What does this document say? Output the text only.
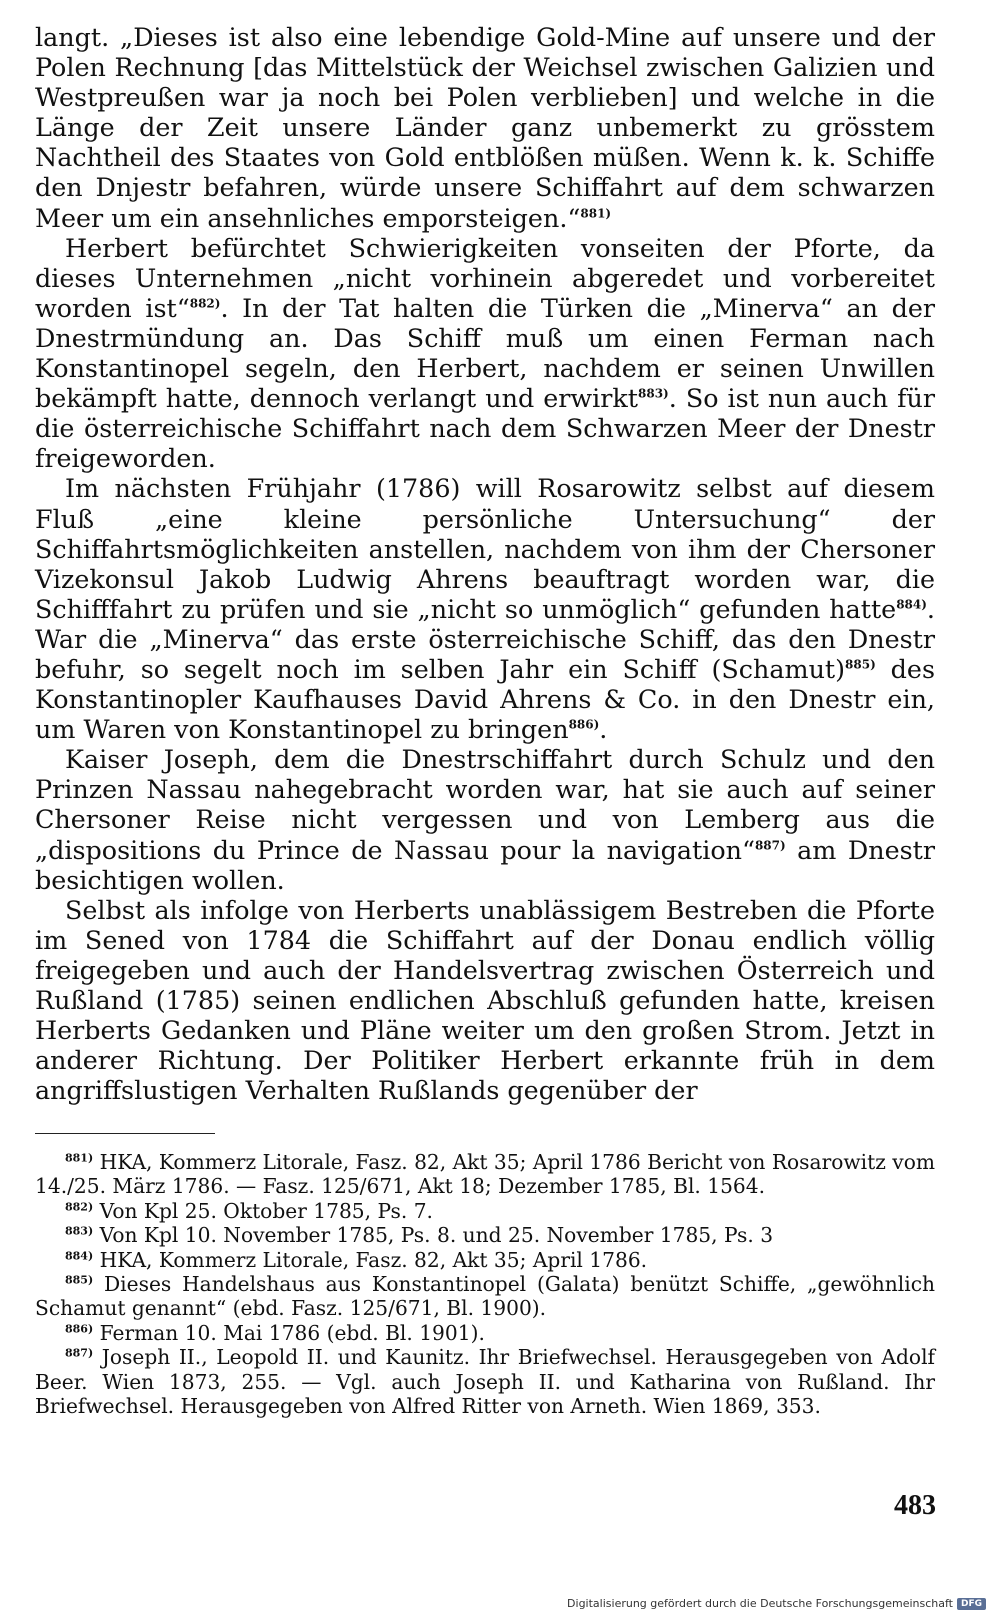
langt. „Dieses ist also eine lebendige Gold-Mine auf unsere und der Polen Rechnung [das Mittelstück der Weichsel zwischen Galizien und Westpreußen war ja noch bei Polen verblieben] und welche in die Länge der Zeit unsere Länder ganz unbemerkt zu grösstem Nachtheil des Staates von Gold entblößen müßen. Wenn k. k. Schiffe den Dnjestr befahren, würde unsere Schiffahrt auf dem schwarzen Meer um ein ansehnliches emporsteigen.“$^{881)}$

Herbert befürchtet Schwierigkeiten vonseiten der Pforte, da dieses Unternehmen „nicht vorhinein abgeredet und vorbereitet worden ist“$^{882)}$. In der Tat halten die Türken die „Minerva“ an der Dnestrmündung an. Das Schiff muß um einen Ferman nach Konstantinopel segeln, den Herbert, nachdem er seinen Unwillen bekämpft hatte, dennoch verlangt und erwirkt$^{883)}$. So ist nun auch für die österreichische Schiffahrt nach dem Schwarzen Meer der Dnestr freigeworden.

Im nächsten Frühjahr (1786) will Rosarowitz selbst auf diesem Fluß „eine kleine persönliche Untersuchung“ der Schiffahrtsmöglichkeiten anstellen, nachdem von ihm der Chersoner Vizekonsul Jakob Ludwig Ahrens beauftragt worden war, die Schifffahrt zu prüfen und sie „nicht so unmöglich“ gefunden hatte$^{884)}$. War die „Minerva“ das erste österreichische Schiff, das den Dnestr befuhr, so segelt noch im selben Jahr ein Schiff (Schamut)$^{885)}$ des Konstantinopler Kaufhauses David Ahrens & Co. in den Dnestr ein, um Waren von Konstantinopel zu bringen$^{886)}$.

Kaiser Joseph, dem die Dnestrschiffahrt durch Schulz und den Prinzen Nassau nahegebracht worden war, hat sie auch auf seiner Chersoner Reise nicht vergessen und von Lemberg aus die „dispositions du Prince de Nassau pour la navigation“$^{887)}$ am Dnestr besichtigen wollen.

Selbst als infolge von Herberts unablässigem Bestreben die Pforte im Sened von 1784 die Schiffahrt auf der Donau endlich völlig freigegeben und auch der Handelsvertrag zwischen Österreich und Rußland (1785) seinen endlichen Abschluß gefunden hatte, kreisen Herberts Gedanken und Pläne weiter um den großen Strom. Jetzt in anderer Richtung. Der Politiker Herbert erkannte früh in dem angriffslustigen Verhalten Rußlands gegenüber der

$^{881)}$ HKA, Kommerz Litorale, Fasz. 82, Akt 35; April 1786 Bericht von Rosarowitz vom 14./25. März 1786. — Fasz. 125/671, Akt 18; Dezember 1785, Bl. 1564.

$^{882)}$ Von Kpl 25. Oktober 1785, Ps. 7.

$^{883)}$ Von Kpl 10. November 1785, Ps. 8. und 25. November 1785, Ps. 3

$^{884)}$ HKA, Kommerz Litorale, Fasz. 82, Akt 35; April 1786.

$^{885)}$ Dieses Handelshaus aus Konstantinopel (Galata) benützt Schiffe, „gewöhnlich Schamut genannt“ (ebd. Fasz. 125/671, Bl. 1900).

$^{886)}$ Ferman 10. Mai 1786 (ebd. Bl. 1901).

$^{887)}$ Joseph II., Leopold II. und Kaunitz. Ihr Briefwechsel. Herausgegeben von Adolf Beer. Wien 1873, 255. — Vgl. auch Joseph II. und Katharina von Rußland. Ihr Briefwechsel. Herausgegeben von Alfred Ritter von Arneth. Wien 1869, 353.

483
Digitalisierung gefördert durch die Deutsche Forschungsgemeinschaft DFG
